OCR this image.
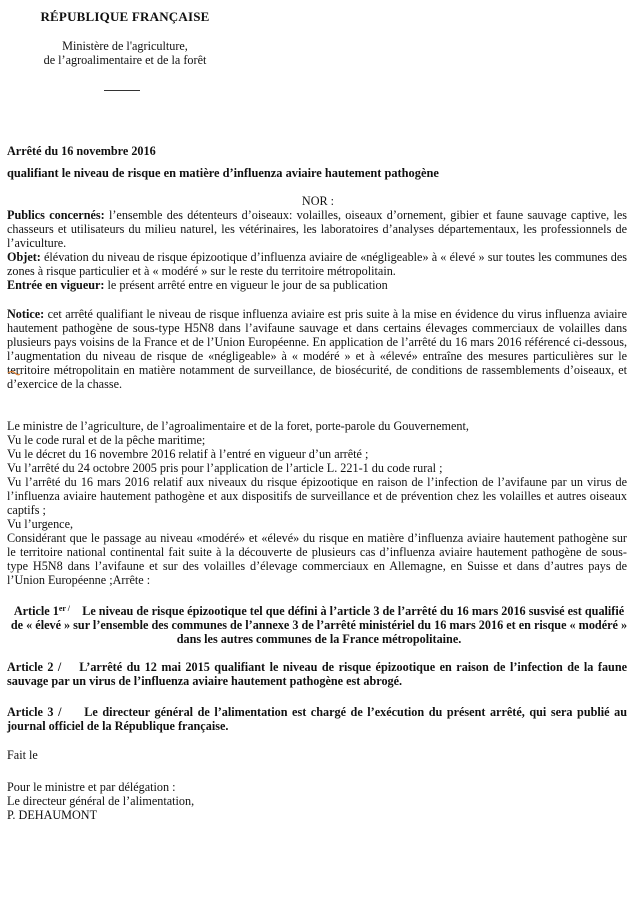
RÉPUBLIQUE FRANÇAISE
Ministère de l'agriculture,
de l’agroalimentaire et de la forêt
Arrêté du 16 novembre 2016
qualifiant le niveau de risque en matière d’influenza aviaire hautement pathogène
NOR :
Publics concernés: l’ensemble des détenteurs d’oiseaux: volailles, oiseaux d’ornement, gibier et faune sauvage captive, les chasseurs et utilisateurs du milieu naturel, les vétérinaires, les laboratoires d’analyses départementaux, les professionnels de l’aviculture.
Objet: élévation du niveau de risque épizootique d’influenza aviaire de «négligeable» à « élevé » sur toutes les communes des zones à risque particulier et à « modéré » sur le reste du territoire métropolitain.
Entrée en vigueur: le présent arrêté entre en vigueur le jour de sa publication
Notice: cet arrêté qualifiant le niveau de risque influenza aviaire est pris suite à la mise en évidence du virus influenza aviaire hautement pathogène de sous-type H5N8 dans l’avifaune sauvage et dans certains élevages commerciaux de volailles dans plusieurs pays voisins de la France et de l’Union Européenne. En application de l’arrêté du 16 mars 2016 référencé ci-dessous, l’augmentation du niveau de risque de «négligeable» à « modéré » et à «élevé» entraîne des mesures particulières sur le territoire métropolitain en matière notamment de surveillance, de biosécurité, de conditions de rassemblements d’oiseaux, et d’exercice de la chasse.
Le ministre de l’agriculture, de l’agroalimentaire et de la foret, porte-parole du Gouvernement,
Vu le code rural et de la pêche maritime;
Vu le décret du 16 novembre 2016 relatif à l’entré en vigueur d’un arrêté ;
Vu l’arrêté du 24 octobre 2005 pris pour l’application de l’article L. 221-1 du code rural ;
Vu l’arrêté du 16 mars 2016 relatif aux niveaux du risque épizootique en raison de l’infection de l’avifaune par un virus de l’influenza aviaire hautement pathogène et aux dispositifs de surveillance et de prévention chez les volailles et autres oiseaux captifs ;
Vu l’urgence,
Considérant que le passage au niveau «modéré» et «élevé» du risque en matière d’influenza aviaire hautement pathogène sur le territoire national continental fait suite à la découverte de plusieurs cas d’influenza aviaire hautement pathogène de sous-type H5N8 dans l’avifaune et sur des volailles d’élevage commerciaux en Allemagne, en Suisse et dans d’autres pays de l’Union Européenne ;Arrête :
Article $1^{er /}$ Le niveau de risque épizootique tel que défini à l’article 3 de l’arrêté du 16 mars 2016 susvisé est qualifié de « élevé » sur l’ensemble des communes de l’annexe 3 de l’arrêté ministériel du 16 mars 2016 et en risque « modéré » dans les autres communes de la France métropolitaine.
Article 2 / L’arrêté du 12 mai 2015 qualifiant le niveau de risque épizootique en raison de l’infection de la faune sauvage par un virus de l’influenza aviaire hautement pathogène est abrogé.
Article 3 / Le directeur général de l’alimentation est chargé de l’exécution du présent arrêté, qui sera publié au journal officiel de la République française.
Fait le
Pour le ministre et par délégation :
Le directeur général de l’alimentation,
P. DEHAUMONT
